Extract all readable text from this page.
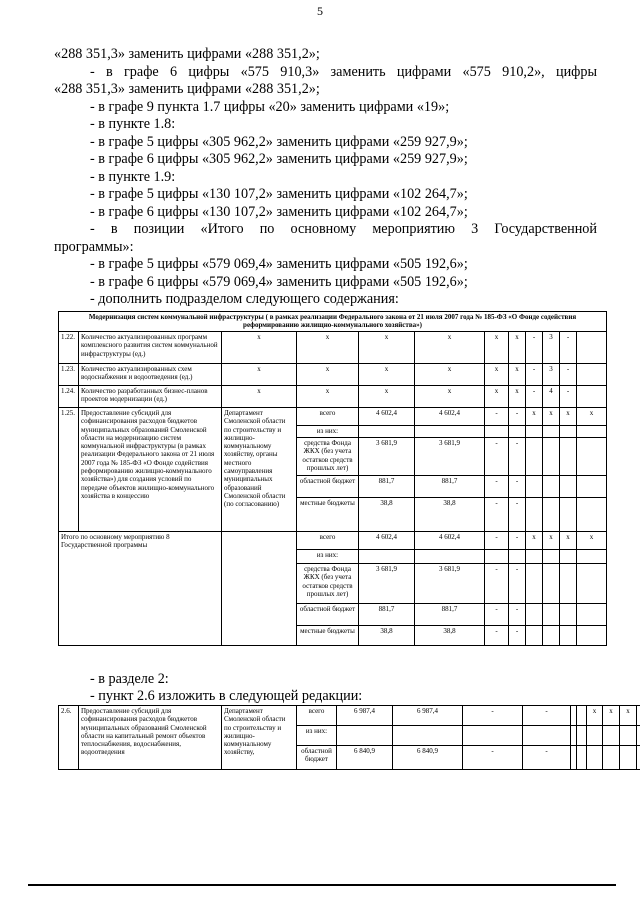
5

«288 351,3» заменить цифрами «288 351,2»;

- в графе 6 цифры «575 910,3» заменить цифрами «575 910,2», цифры

«288 351,3» заменить цифрами «288 351,2»;

- в графе 9 пункта 1.7 цифры «20» заменить цифрами «19»;

- в пункте 1.8:

- в графе 5 цифры «305 962,2» заменить цифрами «259 927,9»;

- в графе 6 цифры «305 962,2» заменить цифрами «259 927,9»;

- в пункте 1.9:

- в графе 5 цифры «130 107,2» заменить цифрами «102 264,7»;

- в графе 6 цифры «130 107,2» заменить цифрами «102 264,7»;

- в позиции «Итого по основному мероприятию 3 Государственной

программы»:

- в графе 5 цифры «579 069,4» заменить цифрами «505 192,6»;

- в графе 6 цифры «579 069,4» заменить цифрами «505 192,6»;

- дополнить подразделом следующего содержания:

Модернизация систем коммунальной инфраструктуры ( в рамках реализации Федерального закона от 21 июля 2007 года № 185-ФЗ «О Фонде содействия реформированию жилищно-коммунального хозяйства»)											
1.22.	Количество актуализированных программ комплексного развития систем коммунальной инфраструктуры (ед.)	х	х	х	х	х	х	-	3	-	
1.23.	Количество актуализированных схем водоснабжения и водоотведения (ед.)	х	х	х	х	х	х	-	3	-	
1.24.	Количество разработанных бизнес-планов проектов модернизации (ед.)	х	х	х	х	х	х	-	4	-	
1.25.	Предоставление субсидий для софинансирования расходов бюджетов муниципальных образований Смоленской области на модернизацию систем коммунальной инфраструктуры (в рамках реализации Федерального закона от 21 июля 2007 года № 185-ФЗ «О Фонде содействия реформированию жилищно-коммунального хозяйства») для создания условий по передаче объектов жилищно-коммунального хозяйства в концессию	Департамент Смоленской области по строительству и жилищно-коммунальному хозяйству, органы местного самоуправления муниципальных образований Смоленской области (по согласованию)	всего	4 602,4	4 602,4	-	-	х	х	х	х
			из них:								
			средства Фонда ЖКХ (без учета остатков средств прошлых лет)	3 681,9	3 681,9	-	-				
			областной бюджет	881,7	881,7	-	-				
			местные бюджеты	38,8	38,8	-	-				
Итого по основному мероприятию 8 Государственной программы			всего	4 602,4	4 602,4	-	-	х	х	х	х
			из них:								
			средства Фонда ЖКХ (без учета остатков средств прошлых лет)	3 681,9	3 681,9	-	-				
			областной бюджет	881,7	881,7	-	-				
			местные бюджеты	38,8	38,8	-	-				
- в разделе 2:
- пункт 2.6 изложить в следующей редакции:
2.6.	Предоставление субсидий для софинансирования расходов бюджетов муниципальных образований Смоленской области на капитальный ремонт объектов теплоснабжения, водоснабжения, водоотведения	Департамент Смоленской области по строительству и жилищно-коммунальному хозяйству,	всего	6 987,4	6 987,4	-	-			х	х	х	
			из них:										
			областной бюджет	6 840,9	6 840,9	-	-						
